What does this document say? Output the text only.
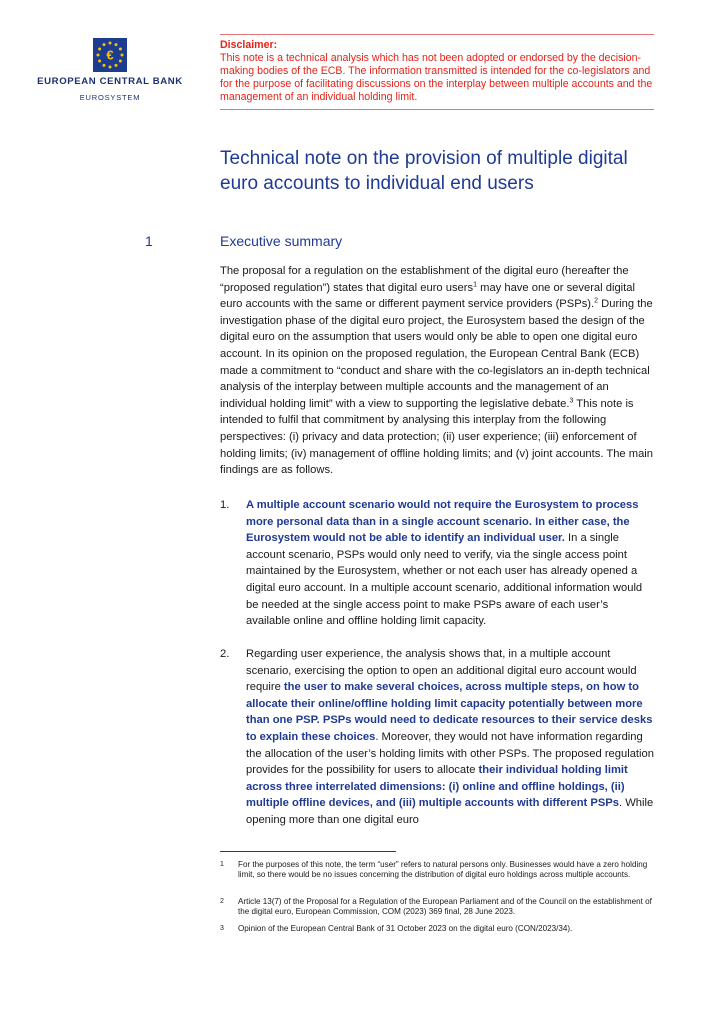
€
EUROPEAN CENTRAL BANK
EUROSYSTEM
Disclaimer:
This note is a technical analysis which has not been adopted or endorsed by the decision-making bodies of the ECB. The information transmitted is intended for the co-legislators and for the purpose of facilitating discussions on the interplay between multiple accounts and the management of an individual holding limit.
Technical note on the provision of multiple digital euro accounts to individual end users
1	Executive summary

The proposal for a regulation on the establishment of the digital euro (hereafter the “proposed regulation”) states that digital euro users$^1$ may have one or several digital euro accounts with the same or different payment service providers (PSPs).$^2$ During the investigation phase of the digital euro project, the Eurosystem based the design of the digital euro on the assumption that users would only be able to open one digital euro account. In its opinion on the proposed regulation, the European Central Bank (ECB) made a commitment to “conduct and share with the co-legislators an in-depth technical analysis of the interplay between multiple accounts and the management of an individual holding limit” with a view to supporting the legislative debate.$^3$ This note is intended to fulfil that commitment by analysing this interplay from the following perspectives: (i) privacy and data protection; (ii) user experience; (iii) enforcement of holding limits; (iv) management of offline holding limits; and (v) joint accounts. The main findings are as follows.

1. A multiple account scenario would not require the Eurosystem to process more personal data than in a single account scenario. In either case, the Eurosystem would not be able to identify an individual user. In a single account scenario, PSPs would only need to verify, via the single access point maintained by the Eurosystem, whether or not each user has already opened a digital euro account. In a multiple account scenario, additional information would be needed at the single access point to make PSPs aware of each user’s available online and offline holding limit capacity.
2. Regarding user experience, the analysis shows that, in a multiple account scenario, exercising the option to open an additional digital euro account would require the user to make several choices, across multiple steps, on how to allocate their online/offline holding limit capacity potentially between more than one PSP. PSPs would need to dedicate resources to their service desks to explain these choices. Moreover, they would not have information regarding the allocation of the user’s holding limits with other PSPs. The proposed regulation provides for the possibility for users to allocate their individual holding limit across three interrelated dimensions: (i) online and offline holdings, (ii) multiple offline devices, and (iii) multiple accounts with different PSPs. While opening more than one digital euro
1 For the purposes of this note, the term “user” refers to natural persons only. Businesses would have a zero holding limit, so there would be no issues concerning the distribution of digital euro holdings across multiple accounts.
2 Article 13(7) of the Proposal for a Regulation of the European Parliament and of the Council on the establishment of the digital euro, European Commission, COM (2023) 369 final, 28 June 2023.
3 Opinion of the European Central Bank of 31 October 2023 on the digital euro (CON/2023/34).
